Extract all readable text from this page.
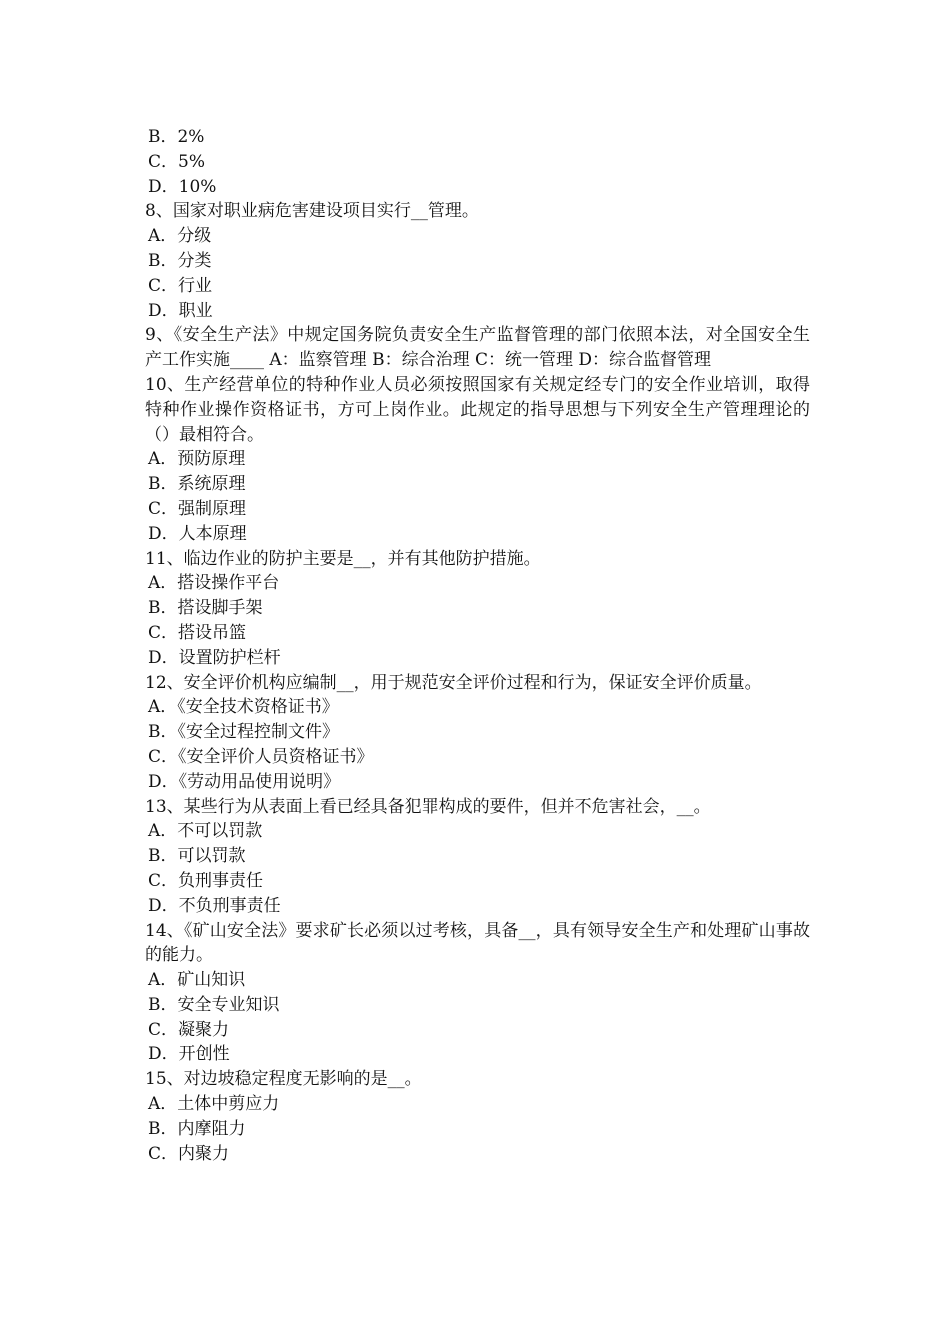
B．2%
C．5%
D．10%
8、国家对职业病危害建设项目实行__管理。
A．分级
B．分类
C．行业
D．职业
9、《安全生产法》中规定国务院负责安全生产监督管理的部门依照本法，对全国安全生产工作实施____ A：监察管理 B：综合治理 C：统一管理 D：综合监督管理
10、生产经营单位的特种作业人员必须按照国家有关规定经专门的安全作业培训，取得特种作业操作资格证书，方可上岗作业。此规定的指导思想与下列安全生产管理理论的（）最相符合。
A．预防原理
B．系统原理
C．强制原理
D．人本原理
11、临边作业的防护主要是__，并有其他防护措施。
A．搭设操作平台
B．搭设脚手架
C．搭设吊篮
D．设置防护栏杆
12、安全评价机构应编制__，用于规范安全评价过程和行为，保证安全评价质量。
A．《安全技术资格证书》
B．《安全过程控制文件》
C．《安全评价人员资格证书》
D．《劳动用品使用说明》
13、某些行为从表面上看已经具备犯罪构成的要件，但并不危害社会，__。
A．不可以罚款
B．可以罚款
C．负刑事责任
D．不负刑事责任
14、《矿山安全法》要求矿长必须以过考核，具备__，具有领导安全生产和处理矿山事故的能力。
A．矿山知识
B．安全专业知识
C．凝聚力
D．开创性
15、对边坡稳定程度无影响的是__。
A．土体中剪应力
B．内摩阻力
C．内聚力
